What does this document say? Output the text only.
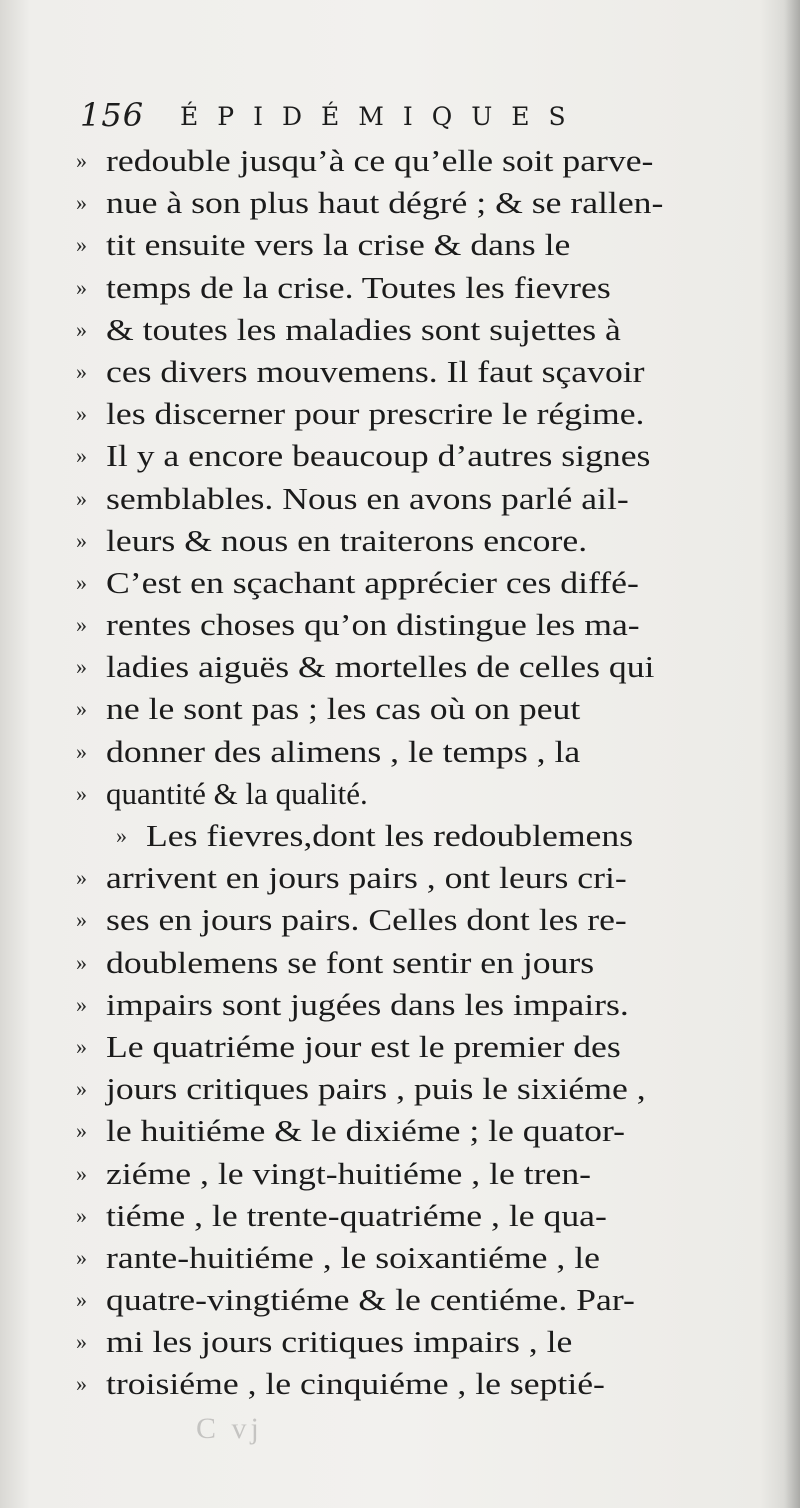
156 ÉPIDÉMIQUES
» redouble jusqu’à ce qu’elle soit parve-
» nue à son plus haut dégré ; & se rallen-
» tit ensuite vers la crise & dans le
» temps de la crise. Toutes les fievres
» & toutes les maladies sont sujettes à
» ces divers mouvemens. Il faut sçavoir
» les discerner pour prescrire le régime.
» Il y a encore beaucoup d’autres signes
» semblables. Nous en avons parlé ail-
» leurs & nous en traiterons encore.
» C’est en sçachant apprécier ces diffé-
» rentes choses qu’on distingue les ma-
» ladies aiguës & mortelles de celles qui
» ne le sont pas ; les cas où on peut
» donner des alimens , le temps , la
» quantité & la qualité.
» Les fievres,dont les redoublemens
» arrivent en jours pairs , ont leurs cri-
» ses en jours pairs. Celles dont les re-
» doublemens se font sentir en jours
» impairs sont jugées dans les impairs.
» Le quatriéme jour est le premier des
» jours critiques pairs , puis le sixiéme ,
» le huitiéme & le dixiéme ; le quator-
» ziéme , le vingt-huitiéme , le tren-
» tiéme , le trente-quatriéme , le qua-
» rante-huitiéme , le soixantiéme , le
» quatre-vingtiéme & le centiéme. Par-
» mi les jours critiques impairs , le
» troisiéme , le cinquiéme , le septié-
C vj
